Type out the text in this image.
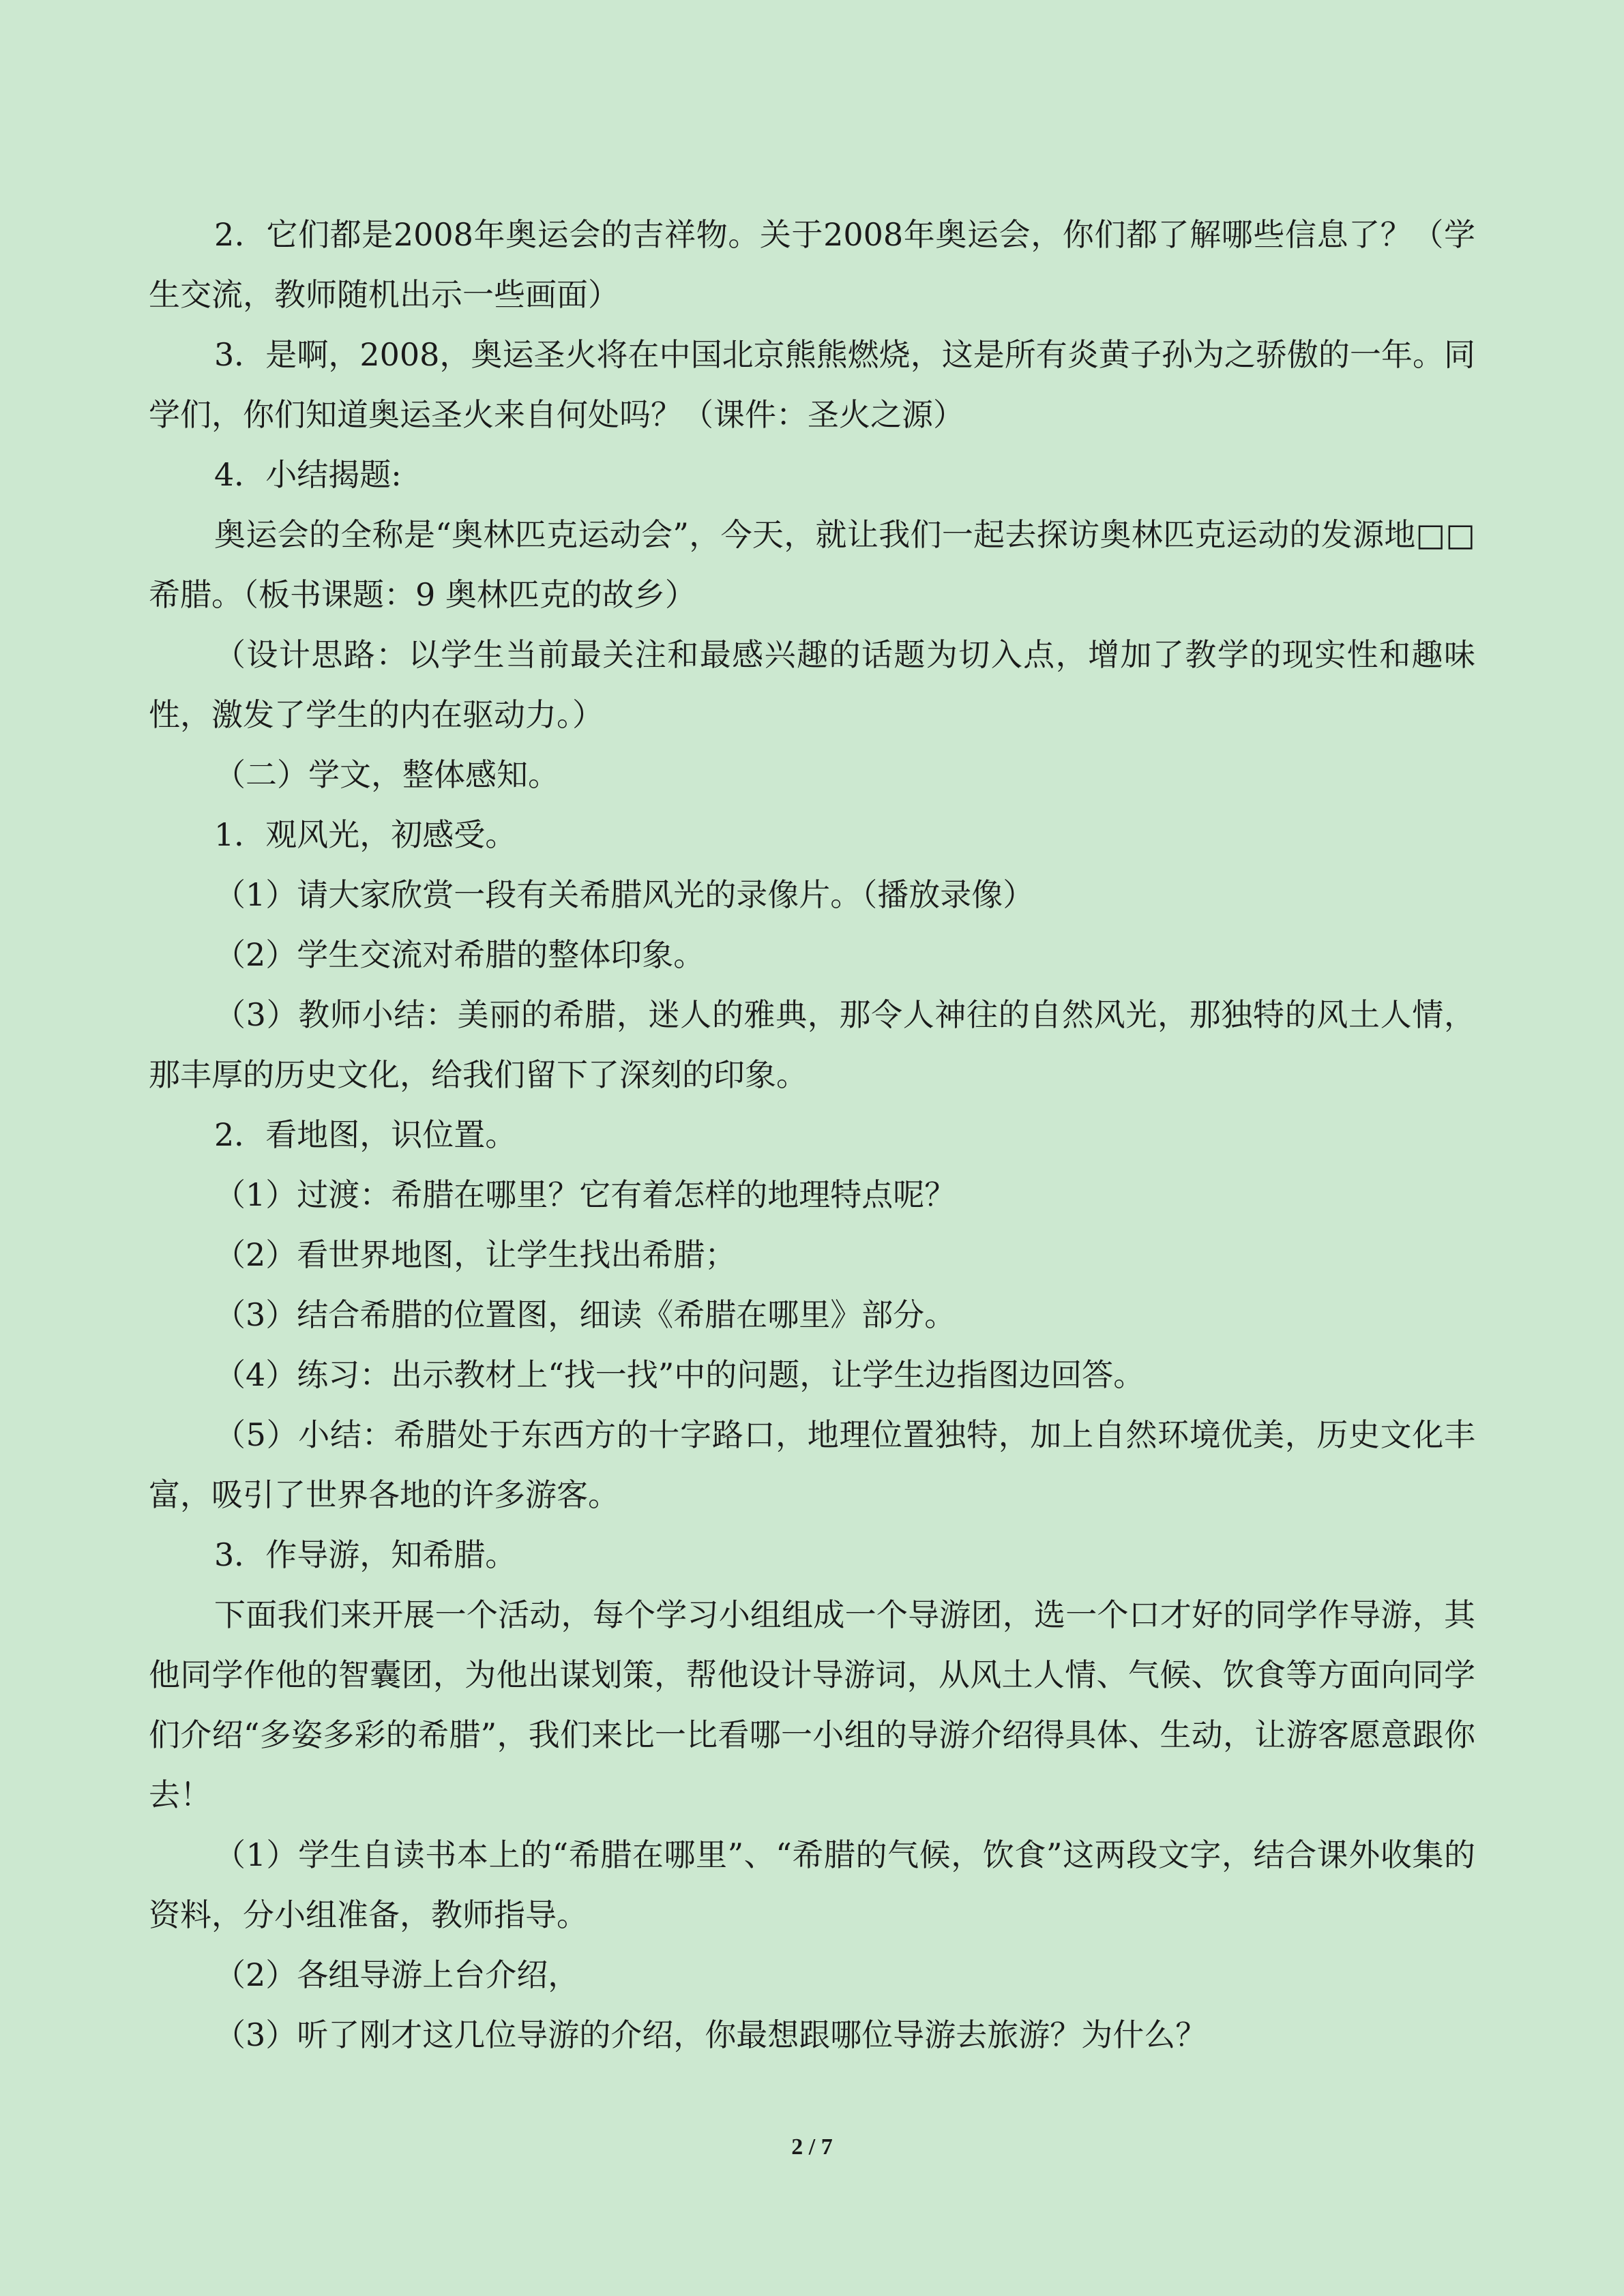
2．它们都是2008年奥运会的吉祥物。关于2008年奥运会，你们都了解哪些信息了？（学生交流，教师随机出示一些画面）

3．是啊，2008，奥运圣火将在中国北京熊熊燃烧，这是所有炎黄子孙为之骄傲的一年。同学们，你们知道奥运圣火来自何处吗？（课件：圣火之源）

4．小结揭题:

奥运会的全称是“奥林匹克运动会”，今天，就让我们一起去探访奥林匹克运动的发源地□□希腊。（板书课题：9 奥林匹克的故乡）

（设计思路：以学生当前最关注和最感兴趣的话题为切入点，增加了教学的现实性和趣味性，激发了学生的内在驱动力。）

（二）学文，整体感知。

1．观风光，初感受。

（1）请大家欣赏一段有关希腊风光的录像片。（播放录像）

（2）学生交流对希腊的整体印象。

（3）教师小结：美丽的希腊，迷人的雅典，那令人神往的自然风光，那独特的风土人情，那丰厚的历史文化，给我们留下了深刻的印象。

2．看地图，识位置。

（1）过渡：希腊在哪里？它有着怎样的地理特点呢？

（2）看世界地图，让学生找出希腊；

（3）结合希腊的位置图，细读《希腊在哪里》部分。

（4）练习：出示教材上“找一找”中的问题，让学生边指图边回答。

（5）小结：希腊处于东西方的十字路口，地理位置独特，加上自然环境优美，历史文化丰富，吸引了世界各地的许多游客。

3．作导游，知希腊。

下面我们来开展一个活动，每个学习小组组成一个导游团，选一个口才好的同学作导游，其他同学作他的智囊团，为他出谋划策，帮他设计导游词，从风土人情、气候、饮食等方面向同学们介绍“多姿多彩的希腊”，我们来比一比看哪一小组的导游介绍得具体、生动，让游客愿意跟你去！

（1）学生自读书本上的“希腊在哪里”、“希腊的气候，饮食”这两段文字，结合课外收集的资料，分小组准备，教师指导。

（2）各组导游上台介绍，

（3）听了刚才这几位导游的介绍，你最想跟哪位导游去旅游？为什么？

2 / 7
